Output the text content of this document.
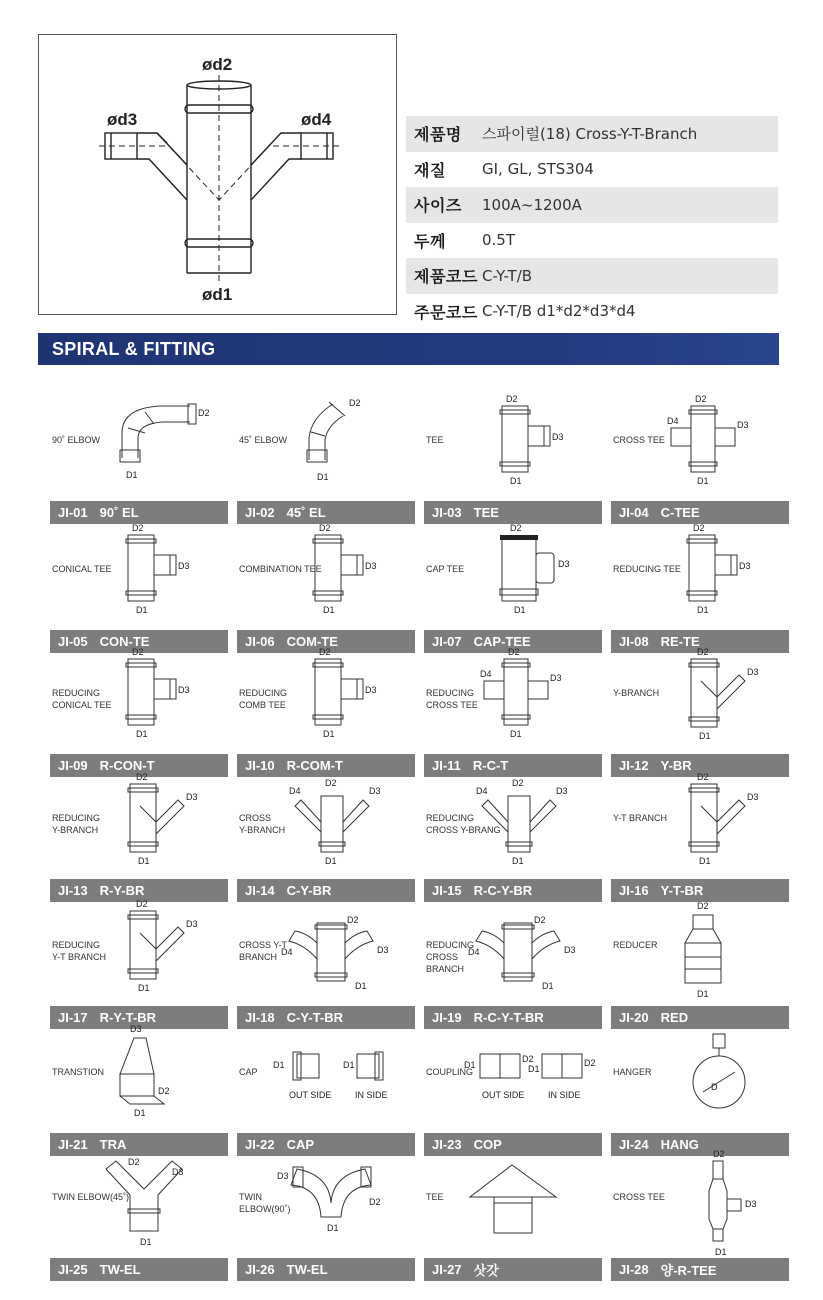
ød2
ød1
ød3	ød4
제품명	스파이럴(18) Cross-Y-T-Branch
재질	GI, GL, STS304
사이즈	100A~1200A
두께	0.5T
제품코드 C-Y-T/B
주문코드 C-Y-T/B d1*d2*d3*d4
SPIRAL & FITTING
D1
D2
90˚ ELBOW
JI-01 90˚ EL
D1
D2
45˚ ELBOW
JI-02 45˚ EL
D2
D1
D3
TEE
JI-03 TEE
D2
D1
D3
D4
CROSS TEE
JI-04 C-TEE
D2
D1
D3
CONICAL TEE
JI-05 CON-TE
D2
D1
D3
COMBINATION TEE
JI-06 COM-TE
D2
D1
D3
CAP TEE
JI-07 CAP-TEE
D2
D1
D3
REDUCING TEE
JI-08 RE-TE
D2
D1
D3
REDUCING
CONICAL TEE
JI-09 R-CON-T
D2
D1
D3
REDUCING
COMB TEE
JI-10 R-COM-T
D2
D1
D3
D4
REDUCING
CROSS TEE
JI-11 R-C-T
D2
D1
D3
Y-BRANCH
JI-12 Y-BR
D2
D1
D3
REDUCING
Y-BRANCH
JI-13 R-Y-BR
D2
D1
D3
D4
CROSS
Y-BRANCH
JI-14 C-Y-BR
D2
D1
D3
D4
REDUCING
CROSS Y-BRANG
JI-15 R-C-Y-BR
D2
D1
D3
Y-T BRANCH
JI-16 Y-T-BR
D2
D1
D3
REDUCING
Y-T BRANCH
JI-17 R-Y-T-BR
D2
D1
D3
D4
CROSS Y-T
BRANCH
JI-18 C-Y-T-BR
D2
D1
D3
D4
REDUCING
CROSS
BRANCH
JI-19 R-C-Y-T-BR
D2
D1
REDUCER
JI-20 RED
D3
D1
D2
TRANSTION
JI-21 TRA
D1	D1
OUT SIDE	IN SIDE
CAP
JI-22 CAP
D1
D2
D1
D2
OUT SIDE	IN SIDE
COUPLING
JI-23 COP
D
HANGER
JI-24 HANG
D2
D3
D1
TWIN ELBOW(45˚)
JI-25 TW-EL
D3
D2
D1
TWIN
ELBOW(90˚)
JI-26 TW-EL
TEE
JI-27 삿갓
D2
D1
D3
CROSS TEE
JI-28 양-R-TEE
